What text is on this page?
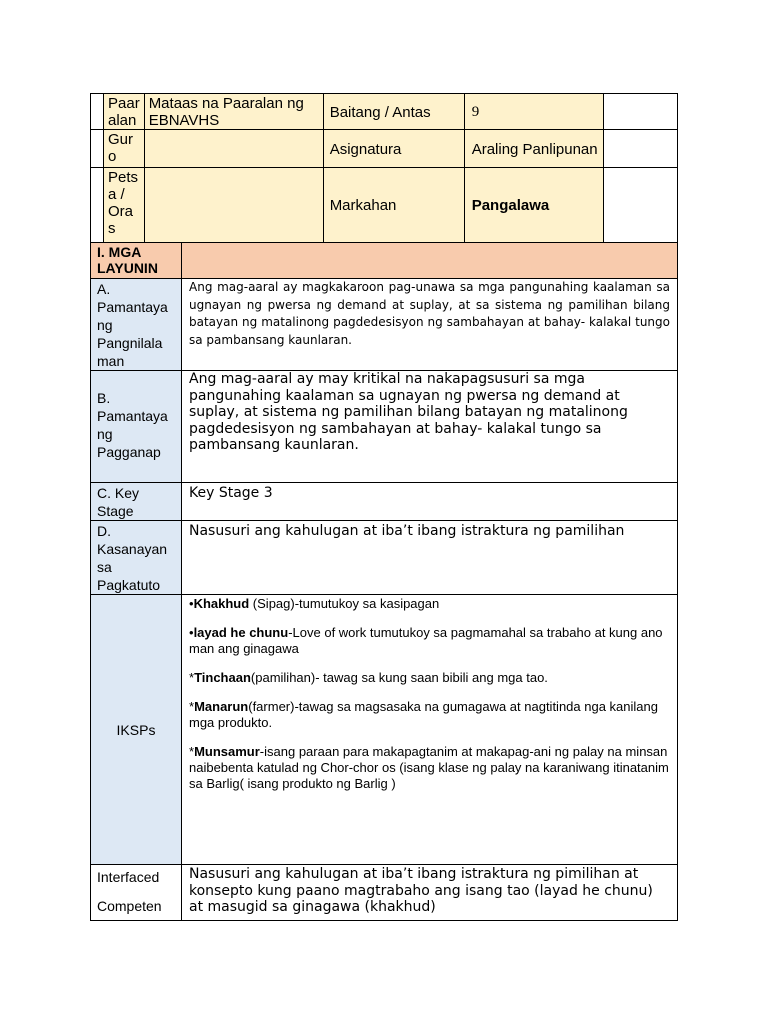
	Paar alan	Mataas na Paaralan ng EBNAVHS	Baitang / Antas	9	

	Gur o		Asignatura	Araling Panlipunan	

	Pets a / Ora s		Markahan	Pangalawa	

I. MGA LAYUNIN	

A. Pamantaya ng Pangnilala man	Ang mag-aaral ay magkakaroon pag-unawa sa mga pangunahing kaalaman sa ugnayan ng pwersa ng demand at suplay, at sa sistema ng pamilihan bilang batayan ng matalinong pagdedesisyon ng sambahayan at bahay- kalakal tungo sa pambansang kaunlaran.

B. Pamantaya ng Pagganap	Ang mag-aaral ay may kritikal na nakapagsusuri sa mga pangunahing kaalaman sa ugnayan ng pwersa ng demand at suplay, at sistema ng pamilihan bilang batayan ng matalinong pagdedesisyon ng sambahayan at bahay- kalakal tungo sa pambansang kaunlaran.

C. Key Stage	Key Stage 3

D. Kasanayan sa Pagkatuto	Nasusuri ang kahulugan at iba’t ibang istraktura ng pamilihan

IKSPs	•Khakhud (Sipag)-tumutukoy sa kasipagan

•layad he chunu-Love of work tumutukoy sa pagmamahal sa trabaho at kung ano man ang ginagawa

*Tinchaan(pamilihan)- tawag sa kung saan bibili ang mga tao.

*Manarun(farmer)-tawag sa magsasaka na gumagawa at nagtitinda nga kanilang mga produkto.

*Munsamur-isang paraan para makapagtanim at makapag-ani ng palay na minsan naibebenta katulad ng Chor-chor os (isang klase ng palay na karaniwang itinatanim sa Barlig( isang produkto ng Barlig )

Interfaced
Competen	Nasusuri ang kahulugan at iba’t ibang istraktura ng pimilihan at konsepto kung paano magtrabaho ang isang tao (layad he chunu) at masugid sa ginagawa (khakhud)
